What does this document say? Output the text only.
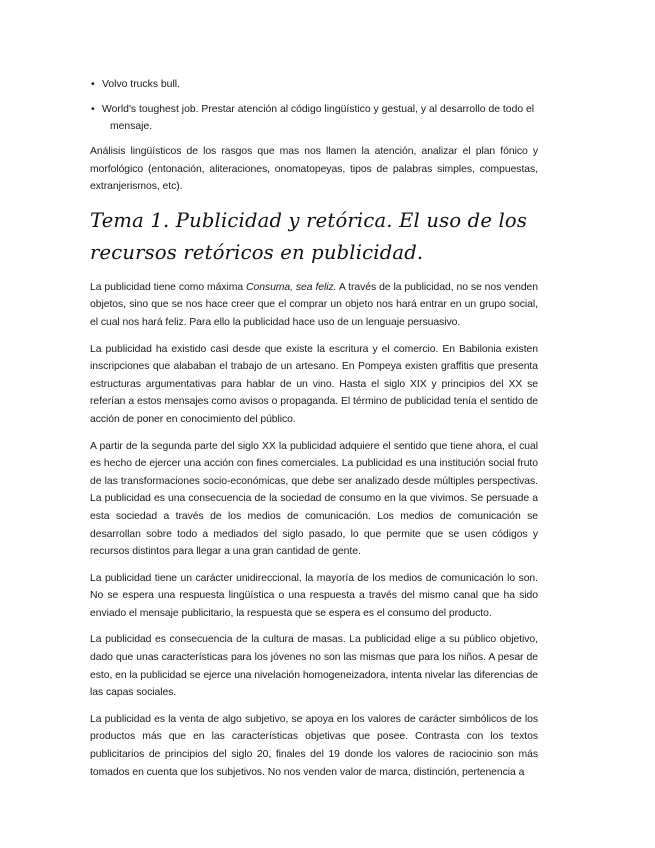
• Volvo trucks bull.
• World's toughest job. Prestar atención al código lingüístico y gestual, y al desarrollo de todo el
mensaje.

Análisis lingüísticos de los rasgos que mas nos llamen la atención, analizar el plan fónico y morfológico (entonación, aliteraciones, onomatopeyas, tipos de palabras simples, compuestas, extranjerismos, etc).

Tema 1. Publicidad y retórica. El uso de los
recursos retóricos en publicidad.

La publicidad tiene como máxima Consuma, sea feliz. A través de la publicidad, no se nos venden objetos, sino que se nos hace creer que el comprar un objeto nos hará entrar en un grupo social, el cual nos hará feliz. Para ello la publicidad hace uso de un lenguaje persuasivo.

La publicidad ha existido casi desde que existe la escritura y el comercio. En Babilonia existen inscripciones que alababan el trabajo de un artesano. En Pompeya existen graffitis que presenta estructuras argumentativas para hablar de un vino. Hasta el siglo XIX y principios del XX se referían a estos mensajes como avisos o propaganda. El término de publicidad tenía el sentido de acción de poner en conocimiento del público.

A partir de la segunda parte del siglo XX la publicidad adquiere el sentido que tiene ahora, el cual es hecho de ejercer una acción con fines comerciales. La publicidad es una institución social fruto de las transformaciones socio-económicas, que debe ser analizado desde múltiples perspectivas. La publicidad es una consecuencia de la sociedad de consumo en la que vivimos. Se persuade a esta sociedad a través de los medios de comunicación. Los medios de comunicación se desarrollan sobre todo a mediados del siglo pasado, lo que permite que se usen códigos y recursos distintos para llegar a una gran cantidad de gente.

La publicidad tiene un carácter unidireccional, la mayoría de los medios de comunicación lo son. No se espera una respuesta lingüística o una respuesta a través del mismo canal que ha sido enviado el mensaje publicitario, la respuesta que se espera es el consumo del producto.

La publicidad es consecuencia de la cultura de masas. La publicidad elige a su público objetivo, dado que unas características para los jóvenes no son las mismas que para los niños. A pesar de esto, en la publicidad se ejerce una nivelación homogeneizadora, intenta nivelar las diferencias de las capas sociales.

La publicidad es la venta de algo subjetivo, se apoya en los valores de carácter simbólicos de los productos más que en las características objetivas que posee. Contrasta con los textos publicitarios de principios del siglo 20, finales del 19 donde los valores de raciocinio son más tomados en cuenta que los subjetivos. No nos venden valor de marca, distinción, pertenencia a
